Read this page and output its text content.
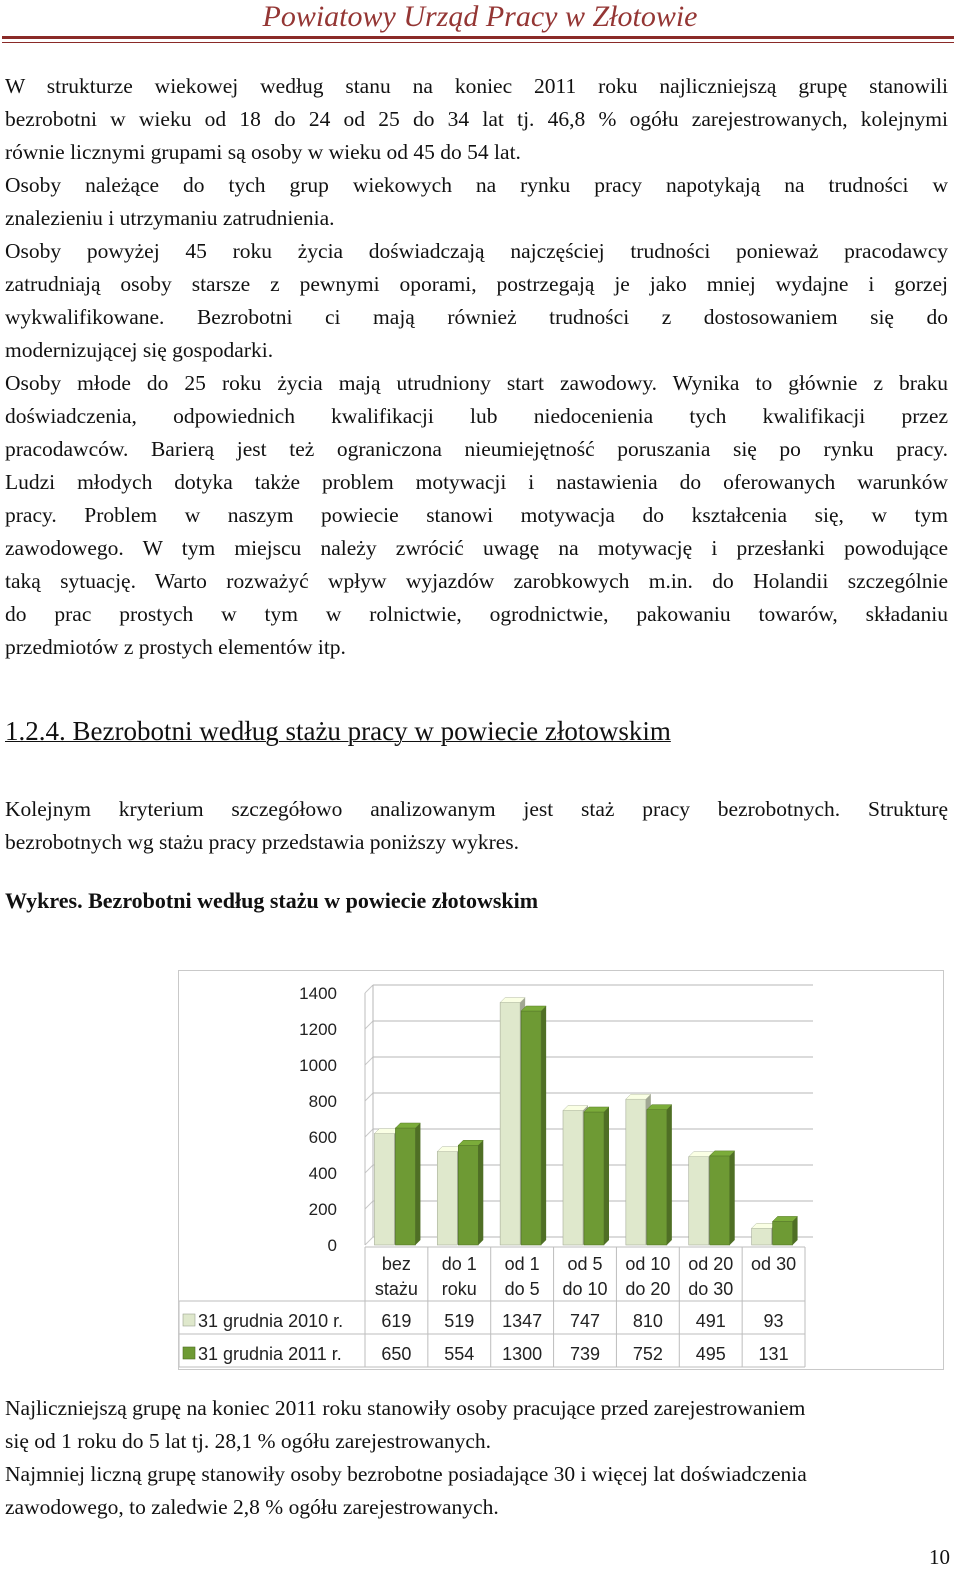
Powiatowy Urząd Pracy w Złotowie
W strukturze wiekowej według stanu na koniec 2011 roku najliczniejszą grupę stanowili
bezrobotni w wieku od 18 do 24 od 25 do 34 lat tj. 46,8 % ogółu zarejestrowanych, kolejnymi
równie licznymi grupami są osoby w wieku od 45 do 54 lat.
Osoby należące do tych grup wiekowych na rynku pracy napotykają na trudności w
znalezieniu i utrzymaniu zatrudnienia.
Osoby powyżej 45 roku życia doświadczają najczęściej trudności ponieważ pracodawcy
zatrudniają osoby starsze z pewnymi oporami, postrzegają je jako mniej wydajne i gorzej
wykwalifikowane. Bezrobotni ci mają również trudności z dostosowaniem się do
modernizującej się gospodarki.
Osoby młode do 25 roku życia mają utrudniony start zawodowy. Wynika to głównie z braku
doświadczenia, odpowiednich kwalifikacji lub niedocenienia tych kwalifikacji przez
pracodawców. Barierą jest też ograniczona nieumiejętność poruszania się po rynku pracy.
Ludzi młodych dotyka także problem motywacji i nastawienia do oferowanych warunków
pracy. Problem w naszym powiecie stanowi motywacja do kształcenia się, w tym
zawodowego. W tym miejscu należy zwrócić uwagę na motywację i przesłanki powodujące
taką sytuację. Warto rozważyć wpływ wyjazdów zarobkowych m.in. do Holandii szczególnie
do prac prostych w tym w rolnictwie, ogrodnictwie, pakowaniu towarów, składaniu
przedmiotów z prostych elementów itp.
1.2.4. Bezrobotni według stażu pracy w powiecie złotowskim
Kolejnym kryterium szczegółowo analizowanym jest staż pracy bezrobotnych. Strukturę
bezrobotnych wg stażu pracy przedstawia poniższy wykres.
Wykres. Bezrobotni według stażu w powiecie złotowskim
0
200
400
600
800
1000
1200
1400
bez
stażu
do 1
roku
od 1
do 5
od 5
do 10
od 10
do 20
od 20
do 30
od 30
31 grudnia 2010 r. 619 519 1347 747 810 491 93
31 grudnia 2011 r. 650 554 1300 739 752 495 131
Najliczniejszą grupę na koniec 2011 roku stanowiły osoby pracujące przed zarejestrowaniem
się od 1 roku do 5 lat tj. 28,1 % ogółu zarejestrowanych.
Najmniej liczną grupę stanowiły osoby bezrobotne posiadające 30 i więcej lat doświadczenia
zawodowego, to zaledwie 2,8 % ogółu zarejestrowanych.
10
